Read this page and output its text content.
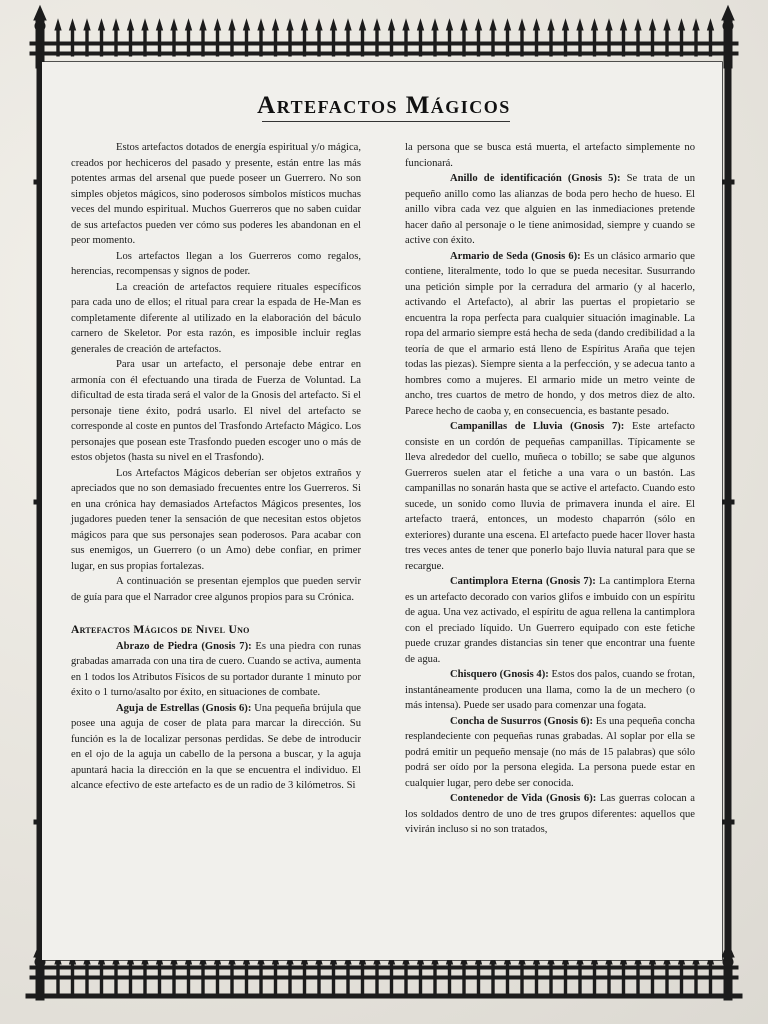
Artefactos Mágicos

Estos artefactos dotados de energía espiritual y/o mágica, creados por hechiceros del pasado y presente, están entre las más potentes armas del arsenal que puede poseer un Guerrero. No son simples objetos mágicos, sino poderosos símbolos místicos muchas veces del mundo espiritual. Muchos Guerreros que no saben cuidar de sus artefactos pueden ver cómo sus poderes les abandonan en el peor momento.

Los artefactos llegan a los Guerreros como regalos, herencias, recompensas y signos de poder.

La creación de artefactos requiere rituales específicos para cada uno de ellos; el ritual para crear la espada de He-Man es completamente diferente al utilizado en la elaboración del báculo carnero de Skeletor. Por esta razón, es imposible incluir reglas generales de creación de artefactos.

Para usar un artefacto, el personaje debe entrar en armonía con él efectuando una tirada de Fuerza de Voluntad. La dificultad de esta tirada será el valor de la Gnosis del artefacto. Si el personaje tiene éxito, podrá usarlo. El nivel del artefacto se corresponde al coste en puntos del Trasfondo Artefacto Mágico. Los personajes que posean este Trasfondo pueden escoger uno o más de estos objetos (hasta su nivel en el Trasfondo).

Los Artefactos Mágicos deberían ser objetos extraños y apreciados que no son demasiado frecuentes entre los Guerreros. Si en una crónica hay demasiados Artefactos Mágicos presentes, los jugadores pueden tener la sensación de que necesitan estos objetos mágicos para que sus personajes sean poderosos. Para acabar con sus enemigos, un Guerrero (o un Amo) debe confiar, en primer lugar, en sus propias fortalezas.

A continuación se presentan ejemplos que pueden servir de guía para que el Narrador cree algunos propios para su Crónica.

Artefactos Mágicos de Nivel Uno

Abrazo de Piedra (Gnosis 7): Es una piedra con runas grabadas amarrada con una tira de cuero. Cuando se activa, aumenta en 1 todos los Atributos Físicos de su portador durante 1 minuto por éxito o 1 turno/asalto por éxito, en situaciones de combate.

Aguja de Estrellas (Gnosis 6): Una pequeña brújula que posee una aguja de coser de plata para marcar la dirección. Su función es la de localizar personas perdidas. Se debe de introducir en el ojo de la aguja un cabello de la persona a buscar, y la aguja apuntará hacia la dirección en la que se encuentra el individuo. El alcance efectivo de este artefacto es de un radio de 3 kilómetros. Si

la persona que se busca está muerta, el artefacto simplemente no funcionará.

Anillo de identificación (Gnosis 5): Se trata de un pequeño anillo como las alianzas de boda pero hecho de hueso. El anillo vibra cada vez que alguien en las inmediaciones pretende hacer daño al personaje o le tiene animosidad, siempre y cuando se active con éxito.

Armario de Seda (Gnosis 6): Es un clásico armario que contiene, literalmente, todo lo que se pueda necesitar. Susurrando una petición simple por la cerradura del armario (y al hacerlo, activando el Artefacto), al abrir las puertas el propietario se encuentra la ropa perfecta para cualquier situación imaginable. La ropa del armario siempre está hecha de seda (dando credibilidad a la teoría de que el armario está lleno de Espíritus Araña que tejen todas las piezas). Siempre sienta a la perfección, y se adecua tanto a hombres como a mujeres. El armario mide un metro veinte de ancho, tres cuartos de metro de hondo, y dos metros diez de alto. Parece hecho de caoba y, en consecuencia, es bastante pesado.

Campanillas de Lluvia (Gnosis 7): Este artefacto consiste en un cordón de pequeñas campanillas. Típicamente se lleva alrededor del cuello, muñeca o tobillo; se sabe que algunos Guerreros suelen atar el fetiche a una vara o un bastón. Las campanillas no sonarán hasta que se active el artefacto. Cuando esto sucede, un sonido como lluvia de primavera inunda el aire. El artefacto traerá, entonces, un modesto chaparrón (sólo en exteriores) durante una escena. El artefacto puede hacer llover hasta tres veces antes de tener que ponerlo bajo lluvia natural para que se recargue.

Cantimplora Eterna (Gnosis 7): La cantimplora Eterna es un artefacto decorado con varios glifos e imbuido con un espíritu de agua. Una vez activado, el espíritu de agua rellena la cantimplora con el preciado líquido. Un Guerrero equipado con este fetiche puede cruzar grandes distancias sin tener que encontrar una fuente de agua.

Chisquero (Gnosis 4): Estos dos palos, cuando se frotan, instantáneamente producen una llama, como la de un mechero (o más intensa). Puede ser usado para comenzar una fogata.

Concha de Susurros (Gnosis 6): Es una pequeña concha resplandeciente con pequeñas runas grabadas. Al soplar por ella se podrá emitir un pequeño mensaje (no más de 15 palabras) que sólo podrá ser oído por la persona elegida. La persona puede estar en cualquier lugar, pero debe ser conocida.

Contenedor de Vida (Gnosis 6): Las guerras colocan a los soldados dentro de uno de tres grupos diferentes: aquellos que vivirán incluso si no son tratados,
